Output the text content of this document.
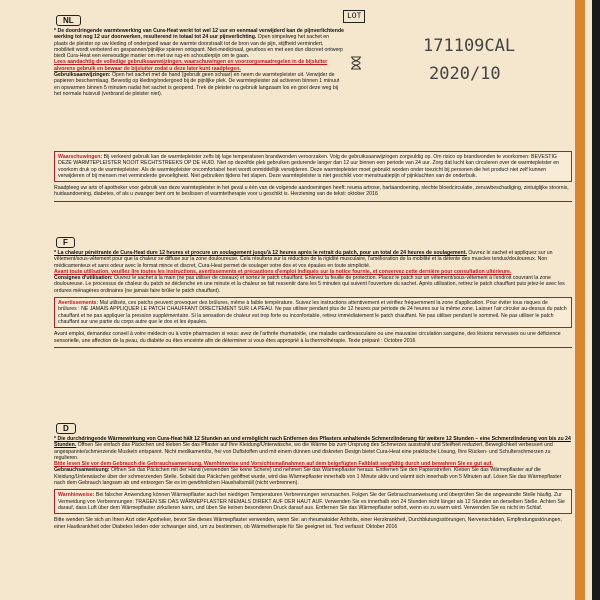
LOT
171109CAL
2020/10
NL
* De doordringende warmtewerking van Cura-Heat werkt tot wel 12 uur en eenmaal verwijderd kan de pijnverlichtende werking tot nog 12 uur doorwerken, resulterend in totaal tot 24 uur pijnverlichting. Open simpelweg het sachet en plaats de pleister op uw kleding of ondergoed waar de warmte doorstraalt tot de bron van de pijn, stijfheid vermindert, mobiliteit wordt verbeterd en gespannen/pijnlijke spieren ontspant. Niet-medicinaal, geurloos en met een dun discreet ontwerp biedt Cura-Heat een eenvoudige manier om met uw rug-en schouderpijn om te gaan.
Lees aandachtig de volledige gebruiksaanwijzingen, waarschuwingen en voorzorgsmaatregelen in de bijsluiter alvorens gebruik en bewaar de bijsluiter zodat u deze later kunt raadplegen.
Gebruiksaanwijzingen: Open het sachet met de hand (gebruik geen schaar) en neem de warmtepleister uit. Verwijder de papieren beschermlaag. Bevestig op kleding/ondergoed bij de pijnlijke plek. De warmtepleister zal activeren binnen 1 minuut en opwarmen binnen 5 minuten nadat het sachet is geopend. Trek de pleister na gebruik langzaam los en gooi deze weg bij het normale huisvuil (verbrand de pleister niet).
Waarschuwingen: Bij verkeerd gebruik kan de warmtepleister zelfs bij lage temperaturen brandwonden veroorzaken. Volg de gebruiksaanwijzingen zorgvuldig op. Om risico op brandwonden te voorkomen: BEVESTIG DEZE WARMTEPLEISTER NOOIT RECHTSTREEKS OP DE HUID. Niet op dezelfde plek gebruiken gedurende langer dan 12 uur binnen een periode van 24 uur. Zorg dat lucht kan circuleren over de warmtepleister en voorkom druk op de warmtepleister. Als de warmtepleister oncomfortabel heet wordt onmiddellijk verwijderen. Deze warmtepleister moet gebruikt worden onder toezicht bij personen die het product niet zelf kunnen verwijderen of bij mensen met verminderde gevoeligheid. Niet gebruiken tijdens het slapen. Deze warmtepleister is niet geschikt voor menstruatiepijn of pijnklachten van de onderbuik.
Raadpleeg uw arts of apotheker voor gebruik van deze warmtepleister in het geval u één van de volgende aandoeningen heeft: reuma artrose, hartaandoening, slechte bloedcirculatie, zenuwbeschadiging, zintuiglijke stoornis, huidaandoening, diabetes, of als u zwanger bent om te beslissen of warmtetherapie voor u geschikt is. Herziening van de tekst: oktober 2016
F
* La chaleur pénétrante de Cura-Heat dure 12 heures et procure un soulagement jusqu'à 12 heures après le retrait du patch, pour un total de 24 heures de soulagement. Ouvrez le sachet et appliquez sur un vêtement/sous-vêtement pour que la chaleur se diffuse sur la zone douloureuse. Cela résultera sur la réduction de la rigidité musculaire, l'amélioration de la mobilité et la détente des muscles tendus/douloureux. Non médicamenteux et sans odeur avec le format mince et discret, Cura-Heat permet de soulager votre dos et vos épaules en toute simplicité.
Avant toute utilisation, veuillez lire toutes les instructions, avertissements et précautions d'emploi indiqués sur la notice fournie, et conservez cette dernière pour consultation ultérieure.
Consignes d'utilisation: Ouvrez le sachet à la main (ne pas utiliser de ciseaux) et sortez le patch chauffant. Enlevez la feuille de protection. Placez le patch sur un vêtement/sous-vêtement à l'endroit couvrant la zone douloureuse. Le processus de chaleur du patch se déclenche en une minute et la chaleur se fait ressentir dans les 5 minutes qui suivent l'ouverture du sachet. Après utilisation, retirez le patch chauffant puis jetez-le avec les ordures ménagères ordinaires (ne jamais faire brûler le patch chauffant).
Avertissements: Mal utilisés, ces patchs peuvent provoquer des brûlures, même à faible température. Suivez les instructions attentivement et vérifiez fréquemment la zone d'application. Pour éviter tous risques de brûlures : NE JAMAIS APPLIQUER LE PATCH CHAUFFANT DIRECTEMENT SUR LA PEAU. Ne pas utiliser pendant plus de 12 heures par période de 24 heures sur la même zone. Laisser l'air circuler au-dessus du patch chauffant et ne pas appliquer la pression supplémentaire. Si la sensation de chaleur est trop forte ou inconfortable, retirez immédiatement le patch chauffant. Ne pas utiliser pendant le sommeil. Ne pas utiliser le patch chauffant sur une partie du corps autre que le dos et les épaules.
Avant emploi, demandez conseil à votre médecin ou à votre pharmacien si vous: avez de l'arthrite rhumatoïde, une maladie cardiovasculaire ou une mauvaise circulation sanguine, des lésions nerveuses ou une déficience sensorielle, une affection de la peau, du diabète ou êtes enceinte afin de déterminer si vous êtes approprié à la thermothérapie. Texte préparé : Octobre 2016
D
* Die durchdringende Wärmewirkung von Cura-Heat hält 12 Stunden an und ermöglicht nach Entfernen des Pflasters anhaltende Schmerzlinderung für weitere 12 Stunden – eine Schmerzlinderung von bis zu 24 Stunden. Öffnen Sie einfach das Päckchen und kleben Sie das Pflaster auf Ihre Kleidung/Unterwäsche, wo die Wärme bis zum Ursprung des Schmerzes ausstrahlt und Steifheit reduziert, Beweglichkeit verbessert und angespannte/schmerzende Muskeln entspannt. Nicht medikamentös, frei von Duftstoffen und mit einem dünnen und diskreten Design bietet Cura-Heat eine praktische Lösung, Ihre Rücken- und Schulterschmerzen zu regulieren.
Bitte lesen Sie vor dem Gebrauch die Gebrauchsanweisung, Warnhinweise und Vorsichtsmaßnahmen auf dem beigefügten Faltblatt sorgfältig durch und bewahren Sie es gut auf.
Gebrauchsanweisung: Öffnen Sie das Päckchen mit der Hand (verwenden Sie keine Schere) und nehmen Sie das Wärmepflaster heraus. Entfernen Sie den Papierstreifen. Kleben Sie das Wärmepflaster auf die Kleidung/Unterwäsche über der schmerzenden Stelle. Sobald das Päckchen geöffnet wurde, wird das Wärmepflaster innerhalb von 1 Minute aktiv und wärmt sich innerhalb von 5 Minuten auf. Lösen Sie das Wärmepflaster nach dem Gebrauch langsam ab und entsorgen Sie es im gewöhnlichen Haushaltsmüll (nicht verbrennen).
Warnhinweise: Bei falscher Anwendung können Wärmepflaster auch bei niedrigen Temperaturen Verbrennungen verursachen. Folgen Sie der Gebrauchsanweisung und überprüfen Sie die angewandte Stelle häufig. Zur Vermeidung von Verbrennungen: TRAGEN SIE DAS WÄRMEPFLASTER NIEMALS DIREKT AUF DER HAUT AUF. Verwenden Sie es innerhalb von 24 Stunden nicht länger als 12 Stunden an derselben Stelle. Achten Sie darauf, dass Luft über dem Wärmepflaster zirkulieren kann, und üben Sie keinen besonderen Druck darauf aus. Entfernen Sie das Wärmepflaster sofort, wenn es zu warm wird. Verwenden Sie es nicht im Schlaf.
Bitte wenden Sie sich an Ihren Arzt oder Apotheker, bevor Sie dieses Wärmepflaster verwenden, wenn Sie: an rheumatoider Arthritis, einer Herzkrankheit, Durchblutungsstörungen, Nervenschäden, Empfindungsstörungen, einer Hautkrankheit oder Diabetes leiden oder schwanger sind, um zu bestimmen, ob Wärmetherapie für Sie geeignet ist. Text verfasst: Oktober 2016
